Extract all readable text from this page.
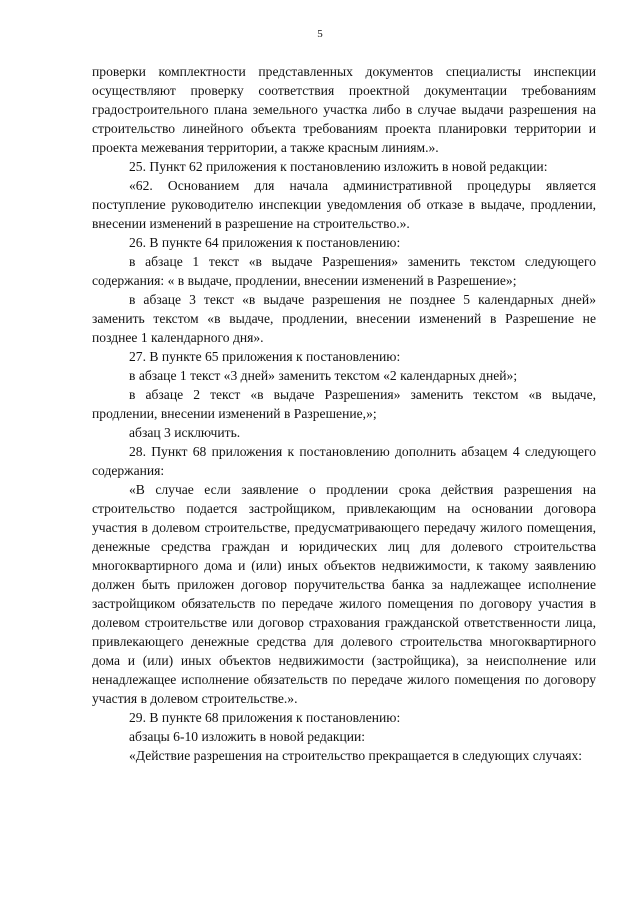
5

проверки комплектности представленных документов специалисты инспекции осуществляют проверку соответствия проектной документации требованиям градостроительного плана земельного участка либо в случае выдачи разрешения на строительство линейного объекта требованиям проекта планировки территории и проекта межевания территории, а также красным линиям.».

25. Пункт 62 приложения к постановлению изложить в новой редакции:

«62. Основанием для начала административной процедуры является поступление руководителю инспекции уведомления об отказе в выдаче, продлении, внесении изменений в разрешение на строительство.».

26. В пункте 64 приложения к постановлению:

в абзаце 1 текст «в выдаче Разрешения» заменить текстом следующего содержания: « в выдаче, продлении, внесении изменений в Разрешение»;

в абзаце 3 текст «в выдаче разрешения не позднее 5 календарных дней» заменить текстом «в выдаче, продлении, внесении изменений в Разрешение не позднее 1 календарного дня».

27. В пункте 65 приложения к постановлению:

в абзаце 1 текст «3 дней» заменить текстом «2 календарных дней»;

в абзаце 2 текст «в выдаче Разрешения» заменить текстом «в выдаче, продлении, внесении изменений в Разрешение,»;

абзац 3 исключить.

28. Пункт 68 приложения к постановлению дополнить абзацем 4 следующего содержания:

«В случае если заявление о продлении срока действия разрешения на строительство подается застройщиком, привлекающим на основании договора участия в долевом строительстве, предусматривающего передачу жилого помещения, денежные средства граждан и юридических лиц для долевого строительства многоквартирного дома и (или) иных объектов недвижимости, к такому заявлению должен быть приложен договор поручительства банка за надлежащее исполнение застройщиком обязательств по передаче жилого помещения по договору участия в долевом строительстве или договор страхования гражданской ответственности лица, привлекающего денежные средства для долевого строительства многоквартирного дома и (или) иных объектов недвижимости (застройщика), за неисполнение или ненадлежащее исполнение обязательств по передаче жилого помещения по договору участия в долевом строительстве.».

29. В пункте 68 приложения к постановлению:

абзацы 6-10 изложить в новой редакции:

«Действие разрешения на строительство прекращается в следующих случаях:
